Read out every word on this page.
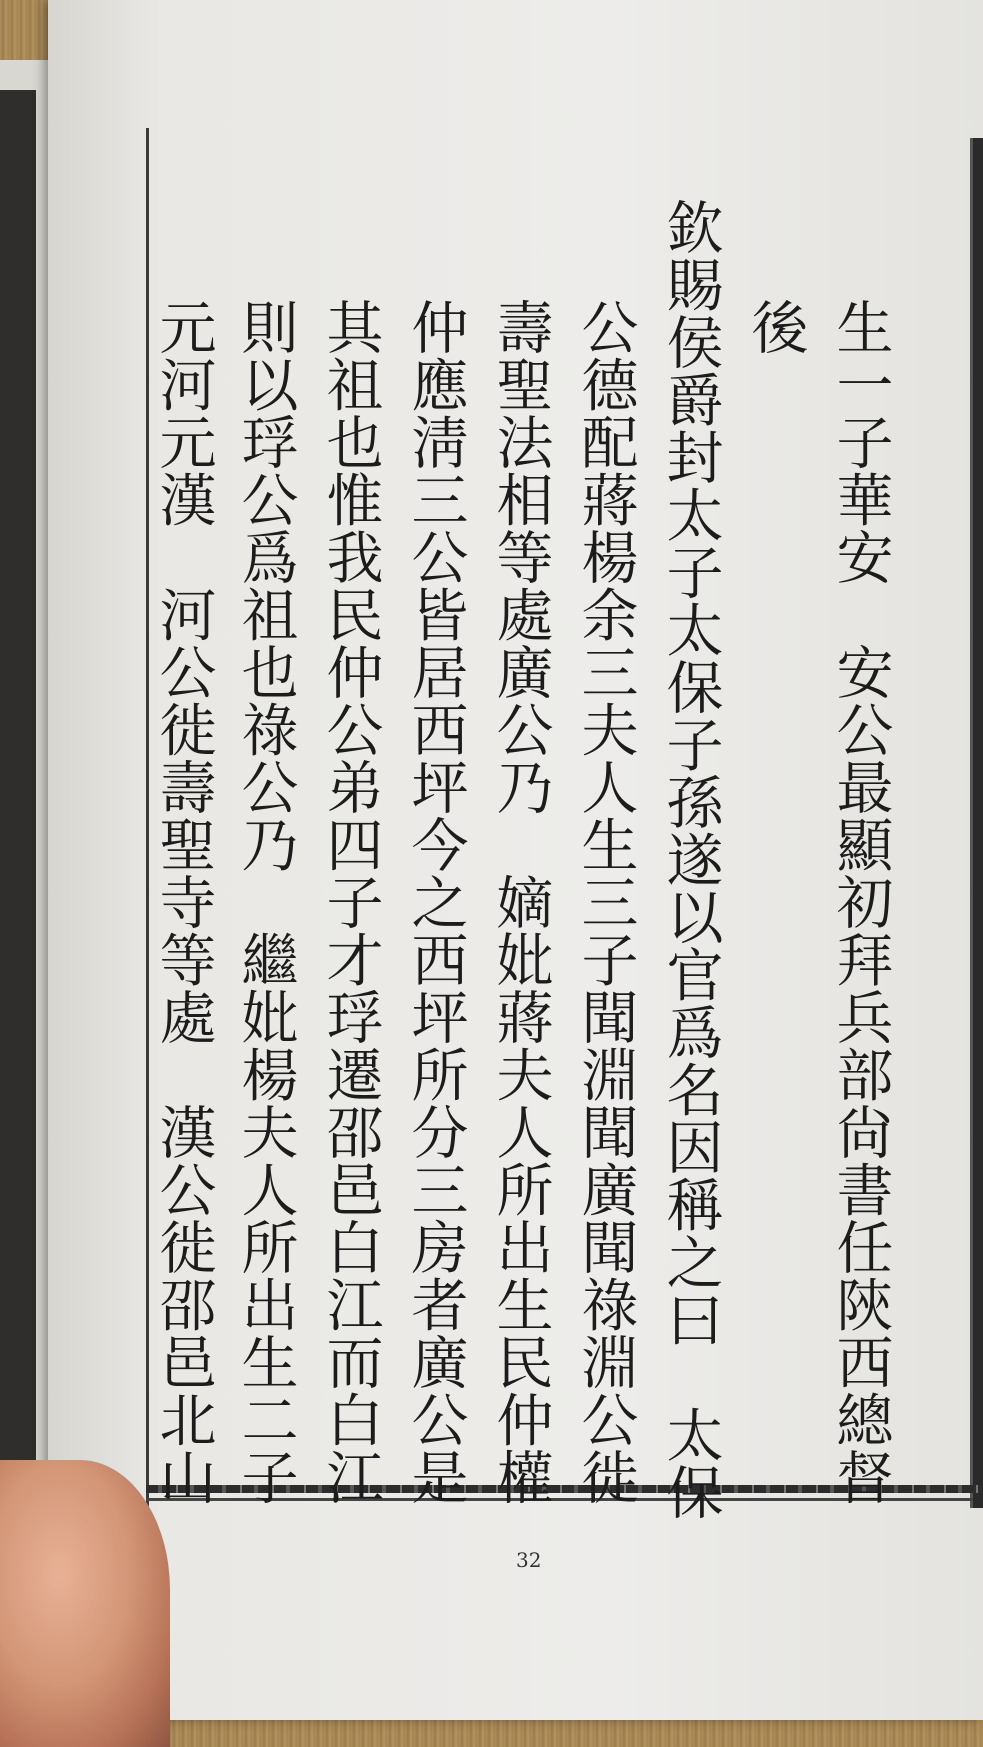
生一子華安　安公最顯初拜兵部尙書任陝西總督
後
欽賜侯爵封太子太保子孫遂以官爲名因稱之曰　太保
公德配蔣楊余三夫人生三子聞淵聞廣聞祿淵公徙
壽聖法相等處廣公乃　嫡妣蔣夫人所出生民仲權
仲應淸三公皆居西坪今之西坪所分三房者廣公是
其祖也惟我民仲公弟四子才琈遷邵邑白江而白江
則以琈公爲祖也祿公乃　繼妣楊夫人所出生二子
元河元漢　河公徙壽聖寺等處　漢公徙邵邑北山
32
